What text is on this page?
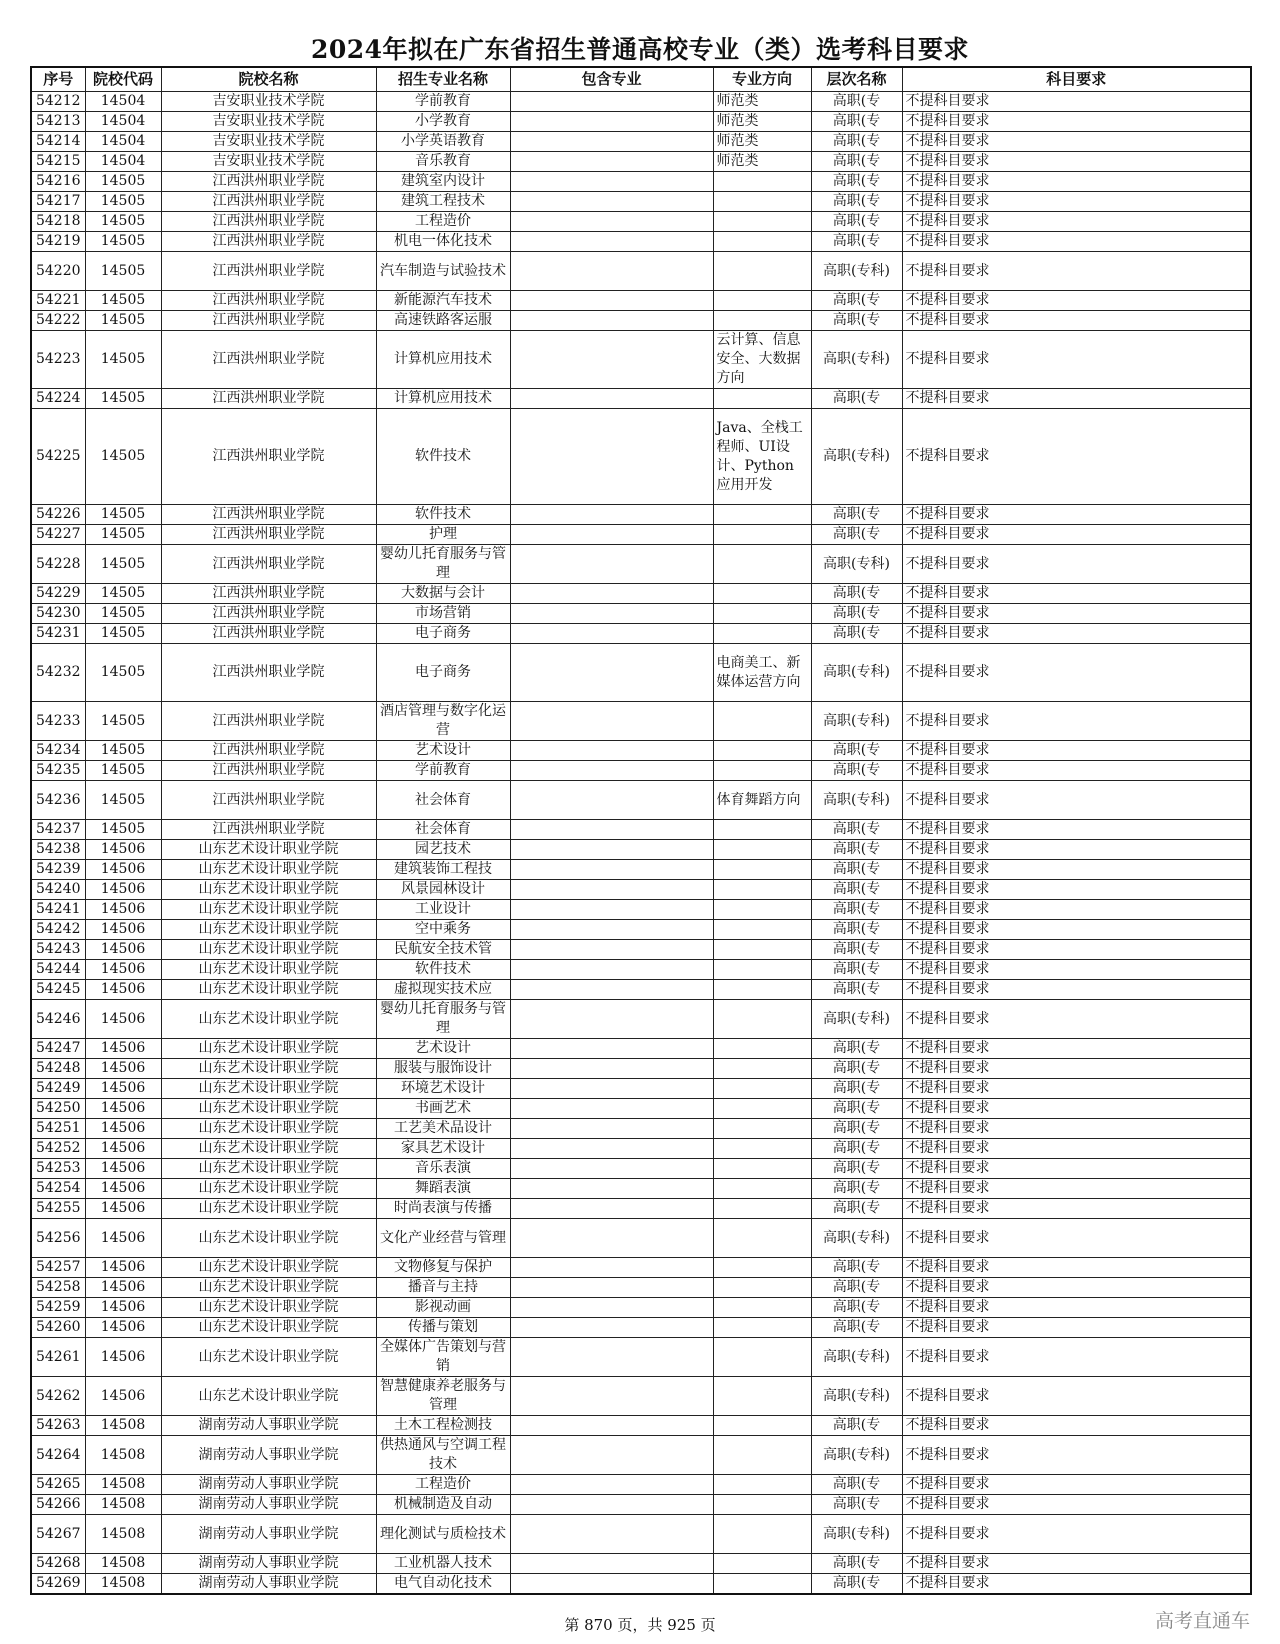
2024年拟在广东省招生普通高校专业（类）选考科目要求
序号	院校代码	院校名称	招生专业名称	包含专业	专业方向	层次名称	科目要求
54212	14504	吉安职业技术学院	学前教育		师范类	高职(专	不提科目要求
54213	14504	吉安职业技术学院	小学教育		师范类	高职(专	不提科目要求
54214	14504	吉安职业技术学院	小学英语教育		师范类	高职(专	不提科目要求
54215	14504	吉安职业技术学院	音乐教育		师范类	高职(专	不提科目要求
54216	14505	江西洪州职业学院	建筑室内设计			高职(专	不提科目要求
54217	14505	江西洪州职业学院	建筑工程技术			高职(专	不提科目要求
54218	14505	江西洪州职业学院	工程造价			高职(专	不提科目要求
54219	14505	江西洪州职业学院	机电一体化技术			高职(专	不提科目要求
54220	14505	江西洪州职业学院	汽车制造与试验技术			高职(专科)	不提科目要求
54221	14505	江西洪州职业学院	新能源汽车技术			高职(专	不提科目要求
54222	14505	江西洪州职业学院	高速铁路客运服			高职(专	不提科目要求
54223	14505	江西洪州职业学院	计算机应用技术		云计算、信息安全、大数据方向	高职(专科)	不提科目要求
54224	14505	江西洪州职业学院	计算机应用技术			高职(专	不提科目要求
54225	14505	江西洪州职业学院	软件技术		Java、全栈工程师、UI设计、Python应用开发	高职(专科)	不提科目要求
54226	14505	江西洪州职业学院	软件技术			高职(专	不提科目要求
54227	14505	江西洪州职业学院	护理			高职(专	不提科目要求
54228	14505	江西洪州职业学院	婴幼儿托育服务与管理			高职(专科)	不提科目要求
54229	14505	江西洪州职业学院	大数据与会计			高职(专	不提科目要求
54230	14505	江西洪州职业学院	市场营销			高职(专	不提科目要求
54231	14505	江西洪州职业学院	电子商务			高职(专	不提科目要求
54232	14505	江西洪州职业学院	电子商务		电商美工、新媒体运营方向	高职(专科)	不提科目要求
54233	14505	江西洪州职业学院	酒店管理与数字化运营			高职(专科)	不提科目要求
54234	14505	江西洪州职业学院	艺术设计			高职(专	不提科目要求
54235	14505	江西洪州职业学院	学前教育			高职(专	不提科目要求
54236	14505	江西洪州职业学院	社会体育		体育舞蹈方向	高职(专科)	不提科目要求
54237	14505	江西洪州职业学院	社会体育			高职(专	不提科目要求
54238	14506	山东艺术设计职业学院	园艺技术			高职(专	不提科目要求
54239	14506	山东艺术设计职业学院	建筑装饰工程技			高职(专	不提科目要求
54240	14506	山东艺术设计职业学院	风景园林设计			高职(专	不提科目要求
54241	14506	山东艺术设计职业学院	工业设计			高职(专	不提科目要求
54242	14506	山东艺术设计职业学院	空中乘务			高职(专	不提科目要求
54243	14506	山东艺术设计职业学院	民航安全技术管			高职(专	不提科目要求
54244	14506	山东艺术设计职业学院	软件技术			高职(专	不提科目要求
54245	14506	山东艺术设计职业学院	虚拟现实技术应			高职(专	不提科目要求
54246	14506	山东艺术设计职业学院	婴幼儿托育服务与管理			高职(专科)	不提科目要求
54247	14506	山东艺术设计职业学院	艺术设计			高职(专	不提科目要求
54248	14506	山东艺术设计职业学院	服装与服饰设计			高职(专	不提科目要求
54249	14506	山东艺术设计职业学院	环境艺术设计			高职(专	不提科目要求
54250	14506	山东艺术设计职业学院	书画艺术			高职(专	不提科目要求
54251	14506	山东艺术设计职业学院	工艺美术品设计			高职(专	不提科目要求
54252	14506	山东艺术设计职业学院	家具艺术设计			高职(专	不提科目要求
54253	14506	山东艺术设计职业学院	音乐表演			高职(专	不提科目要求
54254	14506	山东艺术设计职业学院	舞蹈表演			高职(专	不提科目要求
54255	14506	山东艺术设计职业学院	时尚表演与传播			高职(专	不提科目要求
54256	14506	山东艺术设计职业学院	文化产业经营与管理			高职(专科)	不提科目要求
54257	14506	山东艺术设计职业学院	文物修复与保护			高职(专	不提科目要求
54258	14506	山东艺术设计职业学院	播音与主持			高职(专	不提科目要求
54259	14506	山东艺术设计职业学院	影视动画			高职(专	不提科目要求
54260	14506	山东艺术设计职业学院	传播与策划			高职(专	不提科目要求
54261	14506	山东艺术设计职业学院	全媒体广告策划与营销			高职(专科)	不提科目要求
54262	14506	山东艺术设计职业学院	智慧健康养老服务与管理			高职(专科)	不提科目要求
54263	14508	湖南劳动人事职业学院	土木工程检测技			高职(专	不提科目要求
54264	14508	湖南劳动人事职业学院	供热通风与空调工程技术			高职(专科)	不提科目要求
54265	14508	湖南劳动人事职业学院	工程造价			高职(专	不提科目要求
54266	14508	湖南劳动人事职业学院	机械制造及自动			高职(专	不提科目要求
54267	14508	湖南劳动人事职业学院	理化测试与质检技术			高职(专科)	不提科目要求
54268	14508	湖南劳动人事职业学院	工业机器人技术			高职(专	不提科目要求
54269	14508	湖南劳动人事职业学院	电气自动化技术			高职(专	不提科目要求
第 870 页，共 925 页	高考直通车
